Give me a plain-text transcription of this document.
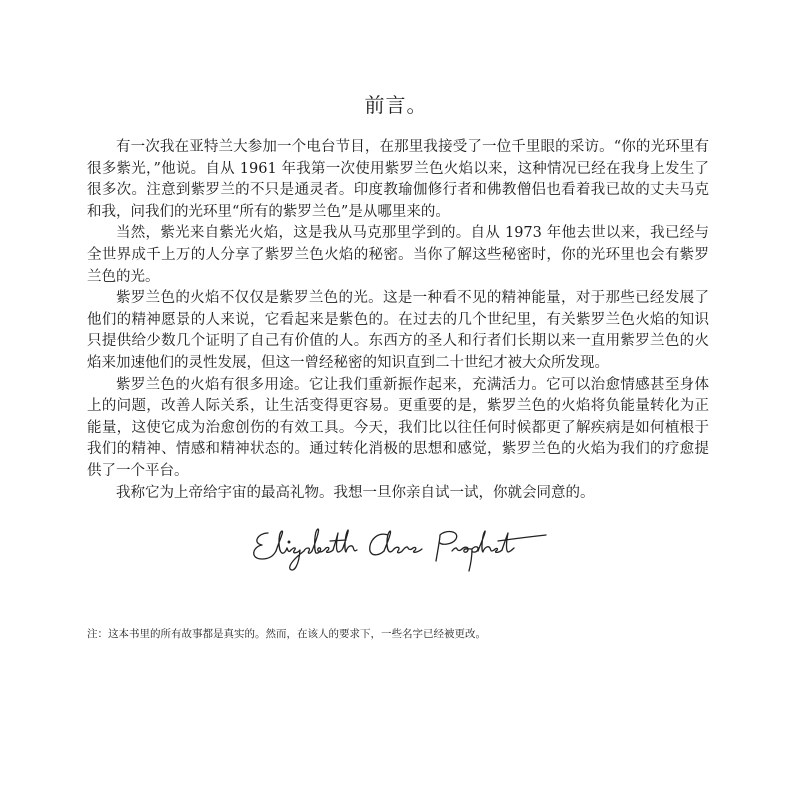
前言。

有一次我在亚特兰大参加一个电台节目，在那里我接受了一位千里眼的采访。“你的光环里有很多紫光，”他说。自从 1961 年我第一次使用紫罗兰色火焰以来，这种情况已经在我身上发生了很多次。注意到紫罗兰的不只是通灵者。印度教瑜伽修行者和佛教僧侣也看着我已故的丈夫马克和我，问我们的光环里“所有的紫罗兰色”是从哪里来的。

当然，紫光来自紫光火焰，这是我从马克那里学到的。自从 1973 年他去世以来，我已经与全世界成千上万的人分享了紫罗兰色火焰的秘密。当你了解这些秘密时，你的光环里也会有紫罗兰色的光。

紫罗兰色的火焰不仅仅是紫罗兰色的光。这是一种看不见的精神能量，对于那些已经发展了他们的精神愿景的人来说，它看起来是紫色的。在过去的几个世纪里，有关紫罗兰色火焰的知识只提供给少数几个证明了自己有价值的人。东西方的圣人和行者们长期以来一直用紫罗兰色的火焰来加速他们的灵性发展，但这一曾经秘密的知识直到二十世纪才被大众所发现。

紫罗兰色的火焰有很多用途。它让我们重新振作起来，充满活力。它可以治愈情感甚至身体上的问题，改善人际关系，让生活变得更容易。更重要的是，紫罗兰色的火焰将负能量转化为正能量，这使它成为治愈创伤的有效工具。今天，我们比以往任何时候都更了解疾病是如何植根于我们的精神、情感和精神状态的。通过转化消极的思想和感觉，紫罗兰色的火焰为我们的疗愈提供了一个平台。

我称它为上帝给宇宙的最高礼物。我想一旦你亲自试一试，你就会同意的。

注：这本书里的所有故事都是真实的。然而，在该人的要求下，一些名字已经被更改。
